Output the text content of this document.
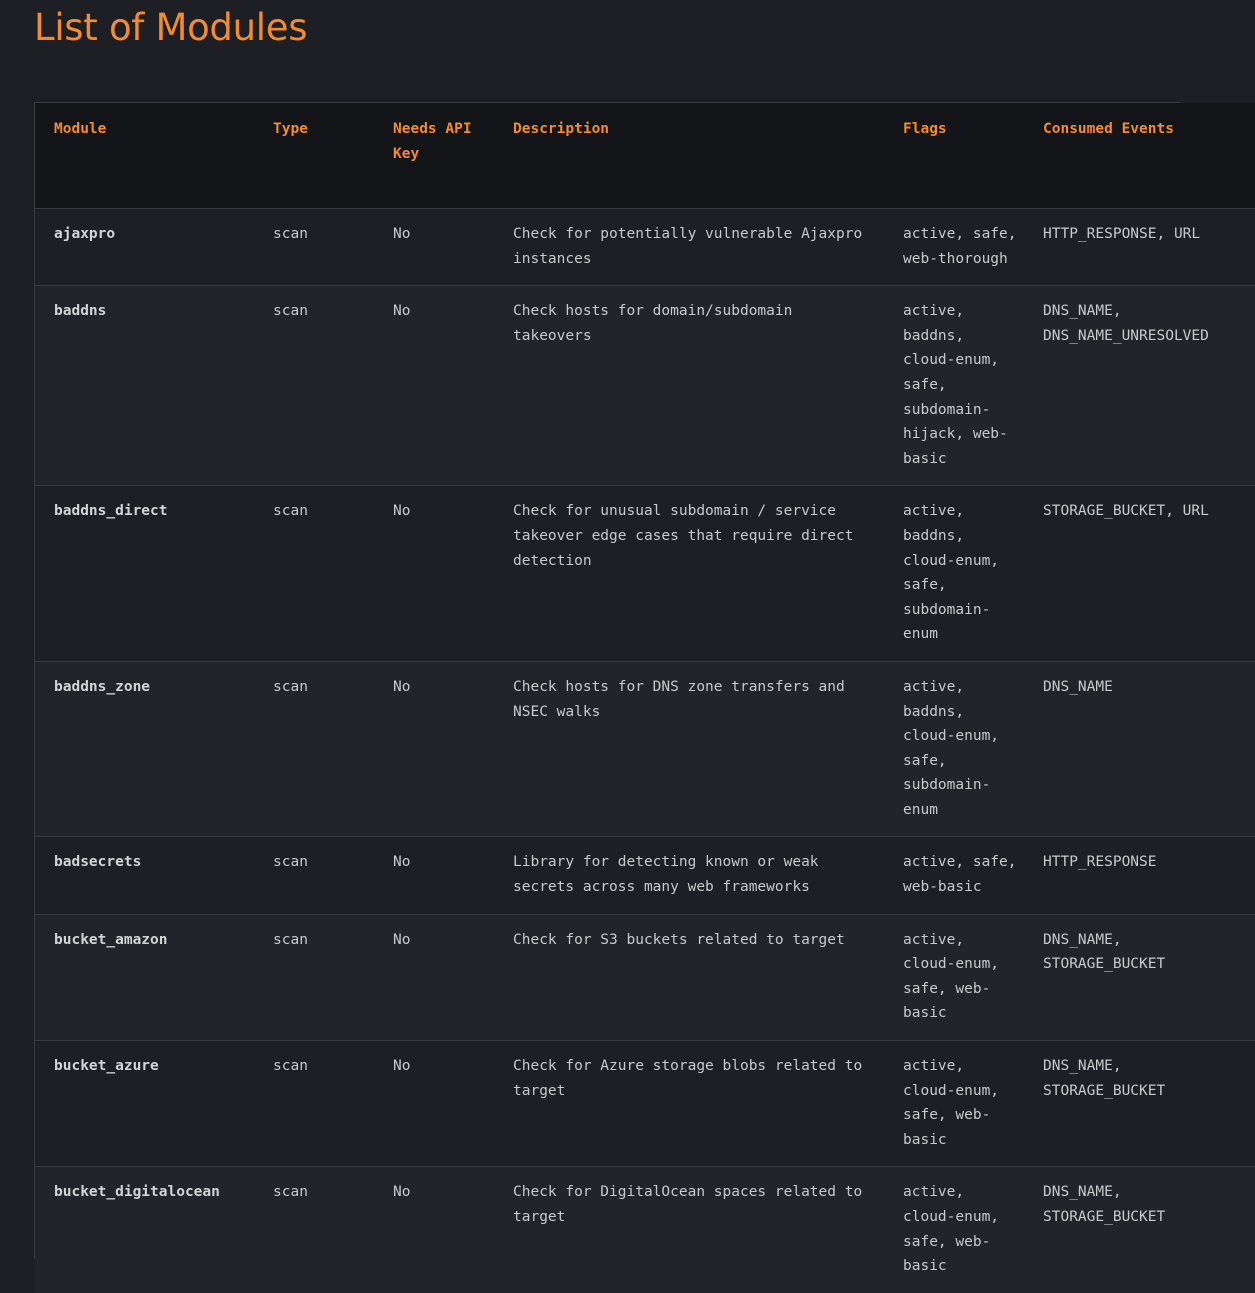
List of Modules
Module	Type	Needs API Key	Description	Flags	Consumed Events
ajaxpro	scan	No	Check for potentially vulnerable Ajaxpro instances	active, safe, web-thorough	HTTP_RESPONSE, URL
baddns	scan	No	Check hosts for domain/subdomain takeovers	active, baddns, cloud-enum, safe, subdomain-hijack, web-basic	DNS_NAME, DNS_NAME_UNRESOLVED
baddns_direct	scan	No	Check for unusual subdomain / service takeover edge cases that require direct detection	active, baddns, cloud-enum, safe, subdomain-enum	STORAGE_BUCKET, URL
baddns_zone	scan	No	Check hosts for DNS zone transfers and NSEC walks	active, baddns, cloud-enum, safe, subdomain-enum	DNS_NAME
badsecrets	scan	No	Library for detecting known or weak secrets across many web frameworks	active, safe, web-basic	HTTP_RESPONSE
bucket_amazon	scan	No	Check for S3 buckets related to target	active, cloud-enum, safe, web-basic	DNS_NAME, STORAGE_BUCKET
bucket_azure	scan	No	Check for Azure storage blobs related to target	active, cloud-enum, safe, web-basic	DNS_NAME, STORAGE_BUCKET
bucket_digitalocean	scan	No	Check for DigitalOcean spaces related to target	active, cloud-enum, safe, web-basic	DNS_NAME, STORAGE_BUCKET
